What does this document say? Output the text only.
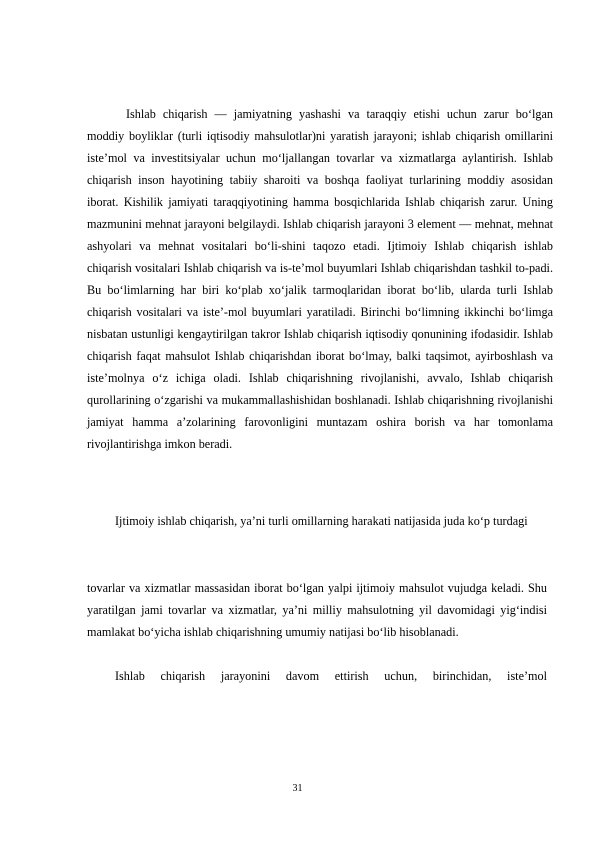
Ishlab chiqarish — jamiyatning yashashi va taraqqiy etishi uchun zarur bo‘lgan moddiy boyliklar (turli iqtisodiy mahsulotlar)ni yaratish jarayoni; ishlab chiqarish omillarini iste’mol va investitsiyalar uchun mo‘ljallangan tovarlar va xizmatlarga aylantirish. Ishlab chiqarish inson hayotining tabiiy sharoiti va boshqa faoliyat turlarining moddiy asosidan iborat. Kishilik jamiyati taraqqiyotining hamma bosqichlarida Ishlab chiqarish zarur. Uning mazmunini mehnat jarayoni belgilaydi. Ishlab chiqarish jarayoni 3 element — mehnat, mehnat ashyolari va mehnat vositalari bo‘li-shini taqozo etadi. Ijtimoiy Ishlab chiqarish ishlab chiqarish vositalari Ishlab chiqarish va is-te’mol buyumlari Ishlab chiqarishdan tashkil to-padi. Bu bo‘limlarning har biri ko‘plab xo‘jalik tarmoqlaridan iborat bo‘lib, ularda turli Ishlab chiqarish vositalari va iste’-mol buyumlari yaratiladi. Birinchi bo‘limning ikkinchi bo‘limga nisbatan ustunligi kengaytirilgan takror Ishlab chiqarish iqtisodiy qonunining ifodasidir. Ishlab chiqarish faqat mahsulot Ishlab chiqarishdan iborat bo‘lmay, balki taqsimot, ayirboshlash va iste’molnya o‘z ichiga oladi. Ishlab chiqarishning rivojlanishi, avvalo, Ishlab chiqarish qurollarining o‘zgarishi va mukammallashishidan boshlanadi. Ishlab chiqarishning rivojlanishi jamiyat hamma a’zolarining farovonligini muntazam oshira borish va har tomonlama rivojlantirishga imkon beradi.

Ijtimoiy ishlab chiqarish, ya’ni turli omillarning harakati natijasida juda ko‘p turdagi

tovarlar va xizmatlar massasidan iborat bo‘lgan yalpi ijtimoiy mahsulot vujudga keladi. Shu yaratilgan jami tovarlar va xizmatlar, ya’ni milliy mahsulotning yil davomidagi yig‘indisi mamlakat bo‘yicha ishlab chiqarishning umumiy natijasi bo‘lib hisoblanadi.

Ishlab chiqarish jarayonini davom ettirish uchun, birinchidan, iste’mol

31
